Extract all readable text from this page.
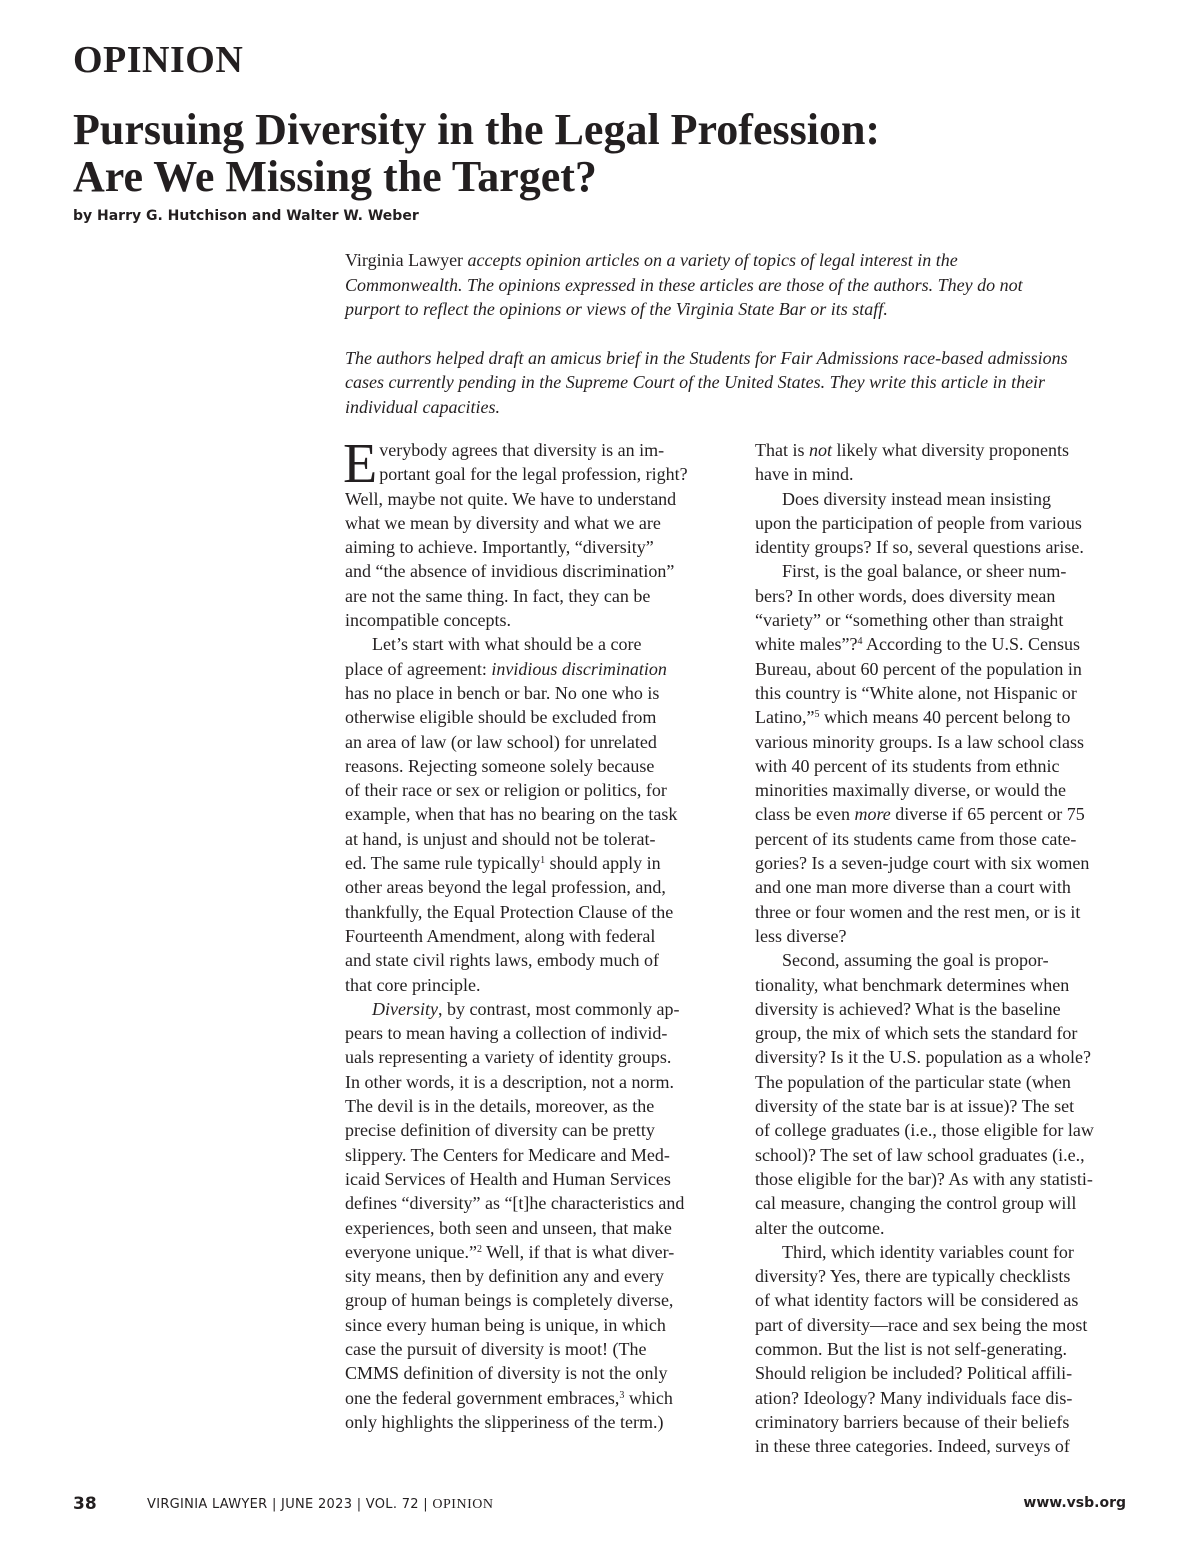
OPINION
Pursuing Diversity in the Legal Profession:
Are We Missing the Target?

by Harry G. Hutchison and Walter W. Weber

Virginia Lawyer accepts opinion articles on a variety of topics of legal interest in the
Commonwealth. The opinions expressed in these articles are those of the authors. They do not
purport to reflect the opinions or views of the Virginia State Bar or its staff.

The authors helped draft an amicus brief in the Students for Fair Admissions race-based admissions
cases currently pending in the Supreme Court of the United States. They write this article in their
individual capacities.

E verybody agrees that diversity is an im-
portant goal for the legal profession, right?
Well, maybe not quite. We have to understand
what we mean by diversity and what we are
aiming to achieve. Importantly, “diversity”
and “the absence of invidious discrimination”
are not the same thing. In fact, they can be
incompatible concepts.
Let’s start with what should be a core
place of agreement: invidious discrimination
has no place in bench or bar. No one who is
otherwise eligible should be excluded from
an area of law (or law school) for unrelated
reasons. Rejecting someone solely because
of their race or sex or religion or politics, for
example, when that has no bearing on the task
at hand, is unjust and should not be tolerat-
ed. The same rule typically$^1$ should apply in
other areas beyond the legal profession, and,
thankfully, the Equal Protection Clause of the
Fourteenth Amendment, along with federal
and state civil rights laws, embody much of
that core principle.
Diversity, by contrast, most commonly ap-
pears to mean having a collection of individ-
uals representing a variety of identity groups.
In other words, it is a description, not a norm.
The devil is in the details, moreover, as the
precise definition of diversity can be pretty
slippery. The Centers for Medicare and Med-
icaid Services of Health and Human Services
defines “diversity” as “[t]he characteristics and
experiences, both seen and unseen, that make
everyone unique.”$^2$ Well, if that is what diver-
sity means, then by definition any and every
group of human beings is completely diverse,
since every human being is unique, in which
case the pursuit of diversity is moot! (The
CMMS definition of diversity is not the only
one the federal government embraces,$^3$ which
only highlights the slipperiness of the term.)
That is not likely what diversity proponents
have in mind.
Does diversity instead mean insisting
upon the participation of people from various
identity groups? If so, several questions arise.
First, is the goal balance, or sheer num-
bers? In other words, does diversity mean
“variety” or “something other than straight
white males”?$^4$ According to the U.S. Census
Bureau, about 60 percent of the population in
this country is “White alone, not Hispanic or
Latino,”$^5$ which means 40 percent belong to
various minority groups. Is a law school class
with 40 percent of its students from ethnic
minorities maximally diverse, or would the
class be even more diverse if 65 percent or 75
percent of its students came from those cate-
gories? Is a seven-judge court with six women
and one man more diverse than a court with
three or four women and the rest men, or is it
less diverse?
Second, assuming the goal is propor-
tionality, what benchmark determines when
diversity is achieved? What is the baseline
group, the mix of which sets the standard for
diversity? Is it the U.S. population as a whole?
The population of the particular state (when
diversity of the state bar is at issue)? The set
of college graduates (i.e., those eligible for law
school)? The set of law school graduates (i.e.,
those eligible for the bar)? As with any statisti-
cal measure, changing the control group will
alter the outcome.
Third, which identity variables count for
diversity? Yes, there are typically checklists
of what identity factors will be considered as
part of diversity—race and sex being the most
common. But the list is not self-generating.
Should religion be included? Political affili-
ation? Ideology? Many individuals face dis-
criminatory barriers because of their beliefs
in these three categories. Indeed, surveys of
38	VIRGINIA LAWYER | JUNE 2023 | VOL. 72 | OPINION	www.vsb.org
